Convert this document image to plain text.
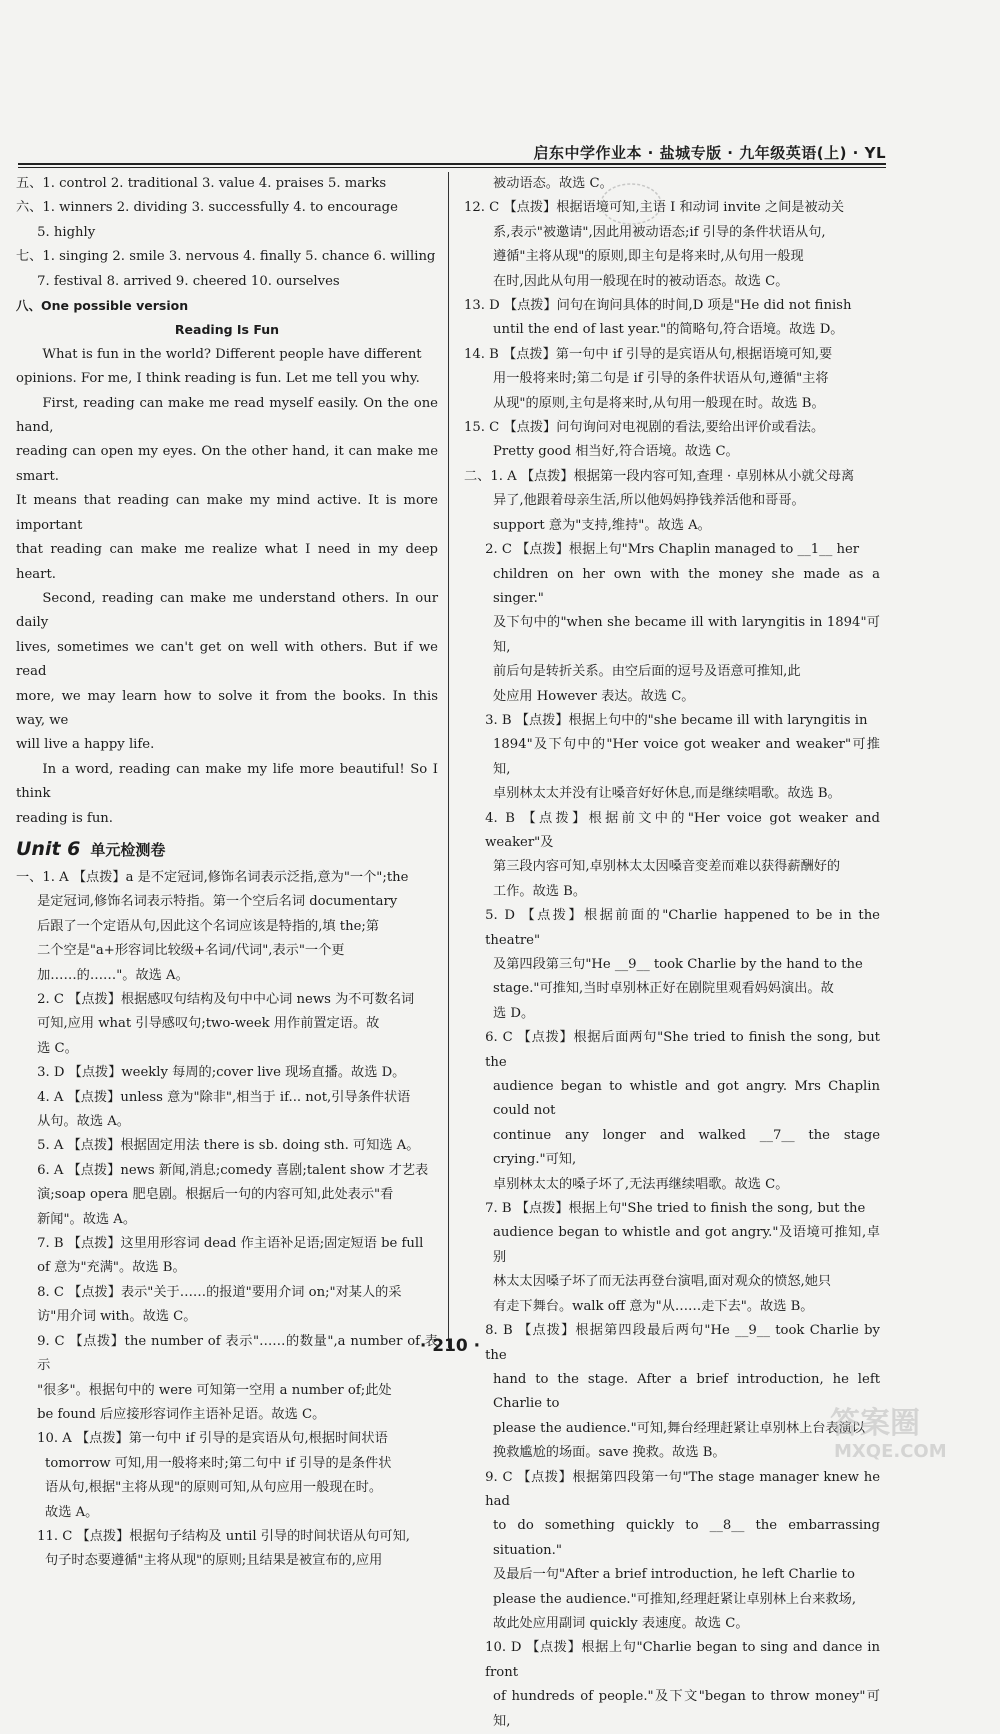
启东中学作业本 · 盐城专版 · 九年级英语(上) · YL

五、1. control 2. traditional 3. value 4. praises 5. marks

六、1. winners 2. dividing 3. successfully 4. to encourage

5. highly

七、1. singing 2. smile 3. nervous 4. finally 5. chance 6. willing

7. festival 8. arrived 9. cheered 10. ourselves

八、One possible version

Reading Is Fun

What is fun in the world? Different people have different

opinions. For me, I think reading is fun. Let me tell you why.

First, reading can make me read myself easily. On the one hand,

reading can open my eyes. On the other hand, it can make me smart.

It means that reading can make my mind active. It is more important

that reading can make me realize what I need in my deep heart.

Second, reading can make me understand others. In our daily

lives, sometimes we can't get on well with others. But if we read

more, we may learn how to solve it from the books. In this way, we

will live a happy life.

In a word, reading can make my life more beautiful! So I think

reading is fun.

Unit 6 单元检测卷

一、1. A 【点拨】a 是不定冠词,修饰名词表示泛指,意为"一个";the

是定冠词,修饰名词表示特指。第一个空后名词 documentary

后跟了一个定语从句,因此这个名词应该是特指的,填 the;第

二个空是"a+形容词比较级+名词/代词",表示"一个更

加……的……"。故选 A。

2. C 【点拨】根据感叹句结构及句中中心词 news 为不可数名词

可知,应用 what 引导感叹句;two-week 用作前置定语。故

选 C。

3. D 【点拨】weekly 每周的;cover live 现场直播。故选 D。

4. A 【点拨】unless 意为"除非",相当于 if... not,引导条件状语

从句。故选 A。

5. A 【点拨】根据固定用法 there is sb. doing sth. 可知选 A。

6. A 【点拨】news 新闻,消息;comedy 喜剧;talent show 才艺表

演;soap opera 肥皂剧。根据后一句的内容可知,此处表示"看

新闻"。故选 A。

7. B 【点拨】这里用形容词 dead 作主语补足语;固定短语 be full

of 意为"充满"。故选 B。

8. C 【点拨】表示"关于……的报道"要用介词 on;"对某人的采

访"用介词 with。故选 C。

9. C 【点拨】the number of 表示"……的数量",a number of 表示

"很多"。根据句中的 were 可知第一空用 a number of;此处

be found 后应接形容词作主语补足语。故选 C。

10. A 【点拨】第一句中 if 引导的是宾语从句,根据时间状语

tomorrow 可知,用一般将来时;第二句中 if 引导的是条件状

语从句,根据"主将从现"的原则可知,从句应用一般现在时。

故选 A。

11. C 【点拨】根据句子结构及 until 引导的时间状语从句可知,

句子时态要遵循"主将从现"的原则;且结果是被宣布的,应用

被动语态。故选 C。

12. C 【点拨】根据语境可知,主语 I 和动词 invite 之间是被动关

系,表示"被邀请",因此用被动语态;if 引导的条件状语从句,

遵循"主将从现"的原则,即主句是将来时,从句用一般现

在时,因此从句用一般现在时的被动语态。故选 C。

13. D 【点拨】问句在询问具体的时间,D 项是"He did not finish

until the end of last year."的简略句,符合语境。故选 D。

14. B 【点拨】第一句中 if 引导的是宾语从句,根据语境可知,要

用一般将来时;第二句是 if 引导的条件状语从句,遵循"主将

从现"的原则,主句是将来时,从句用一般现在时。故选 B。

15. C 【点拨】问句询问对电视剧的看法,要给出评价或看法。

Pretty good 相当好,符合语境。故选 C。

二、1. A 【点拨】根据第一段内容可知,查理 · 卓别林从小就父母离

异了,他跟着母亲生活,所以他妈妈挣钱养活他和哥哥。

support 意为"支持,维持"。故选 A。

2. C 【点拨】根据上句"Mrs Chaplin managed to __1__ her

children on her own with the money she made as a singer."

及下句中的"when she became ill with laryngitis in 1894"可知,

前后句是转折关系。由空后面的逗号及语意可推知,此

处应用 However 表达。故选 C。

3. B 【点拨】根据上句中的"she became ill with laryngitis in

1894"及下句中的"Her voice got weaker and weaker"可推知,

卓别林太太并没有让嗓音好好休息,而是继续唱歌。故选 B。

4. B 【点拨】根据前文中的"Her voice got weaker and weaker"及

第三段内容可知,卓别林太太因嗓音变差而难以获得薪酬好的

工作。故选 B。

5. D 【点拨】根据前面的"Charlie happened to be in the theatre"

及第四段第三句"He __9__ took Charlie by the hand to the

stage."可推知,当时卓别林正好在剧院里观看妈妈演出。故

选 D。

6. C 【点拨】根据后面两句"She tried to finish the song, but the

audience began to whistle and got angry. Mrs Chaplin could not

continue any longer and walked __7__ the stage crying."可知,

卓别林太太的嗓子坏了,无法再继续唱歌。故选 C。

7. B 【点拨】根据上句"She tried to finish the song, but the

audience began to whistle and got angry."及语境可推知,卓别

林太太因嗓子坏了而无法再登台演唱,面对观众的愤怒,她只

有走下舞台。walk off 意为"从……走下去"。故选 B。

8. B 【点拨】根据第四段最后两句"He __9__ took Charlie by the

hand to the stage. After a brief introduction, he left Charlie to

please the audience."可知,舞台经理赶紧让卓别林上台表演以

挽救尴尬的场面。save 挽救。故选 B。

9. C 【点拨】根据第四段第一句"The stage manager knew he had

to do something quickly to __8__ the embarrassing situation."

及最后一句"After a brief introduction, he left Charlie to

please the audience."可推知,经理赶紧让卓别林上台来救场,

故此处应用副词 quickly 表速度。故选 C。

10. D 【点拨】根据上句"Charlie began to sing and dance in front

of hundreds of people."及下文"began to throw money"可知,

· 210 ·
答案圈
MXQE.COM
